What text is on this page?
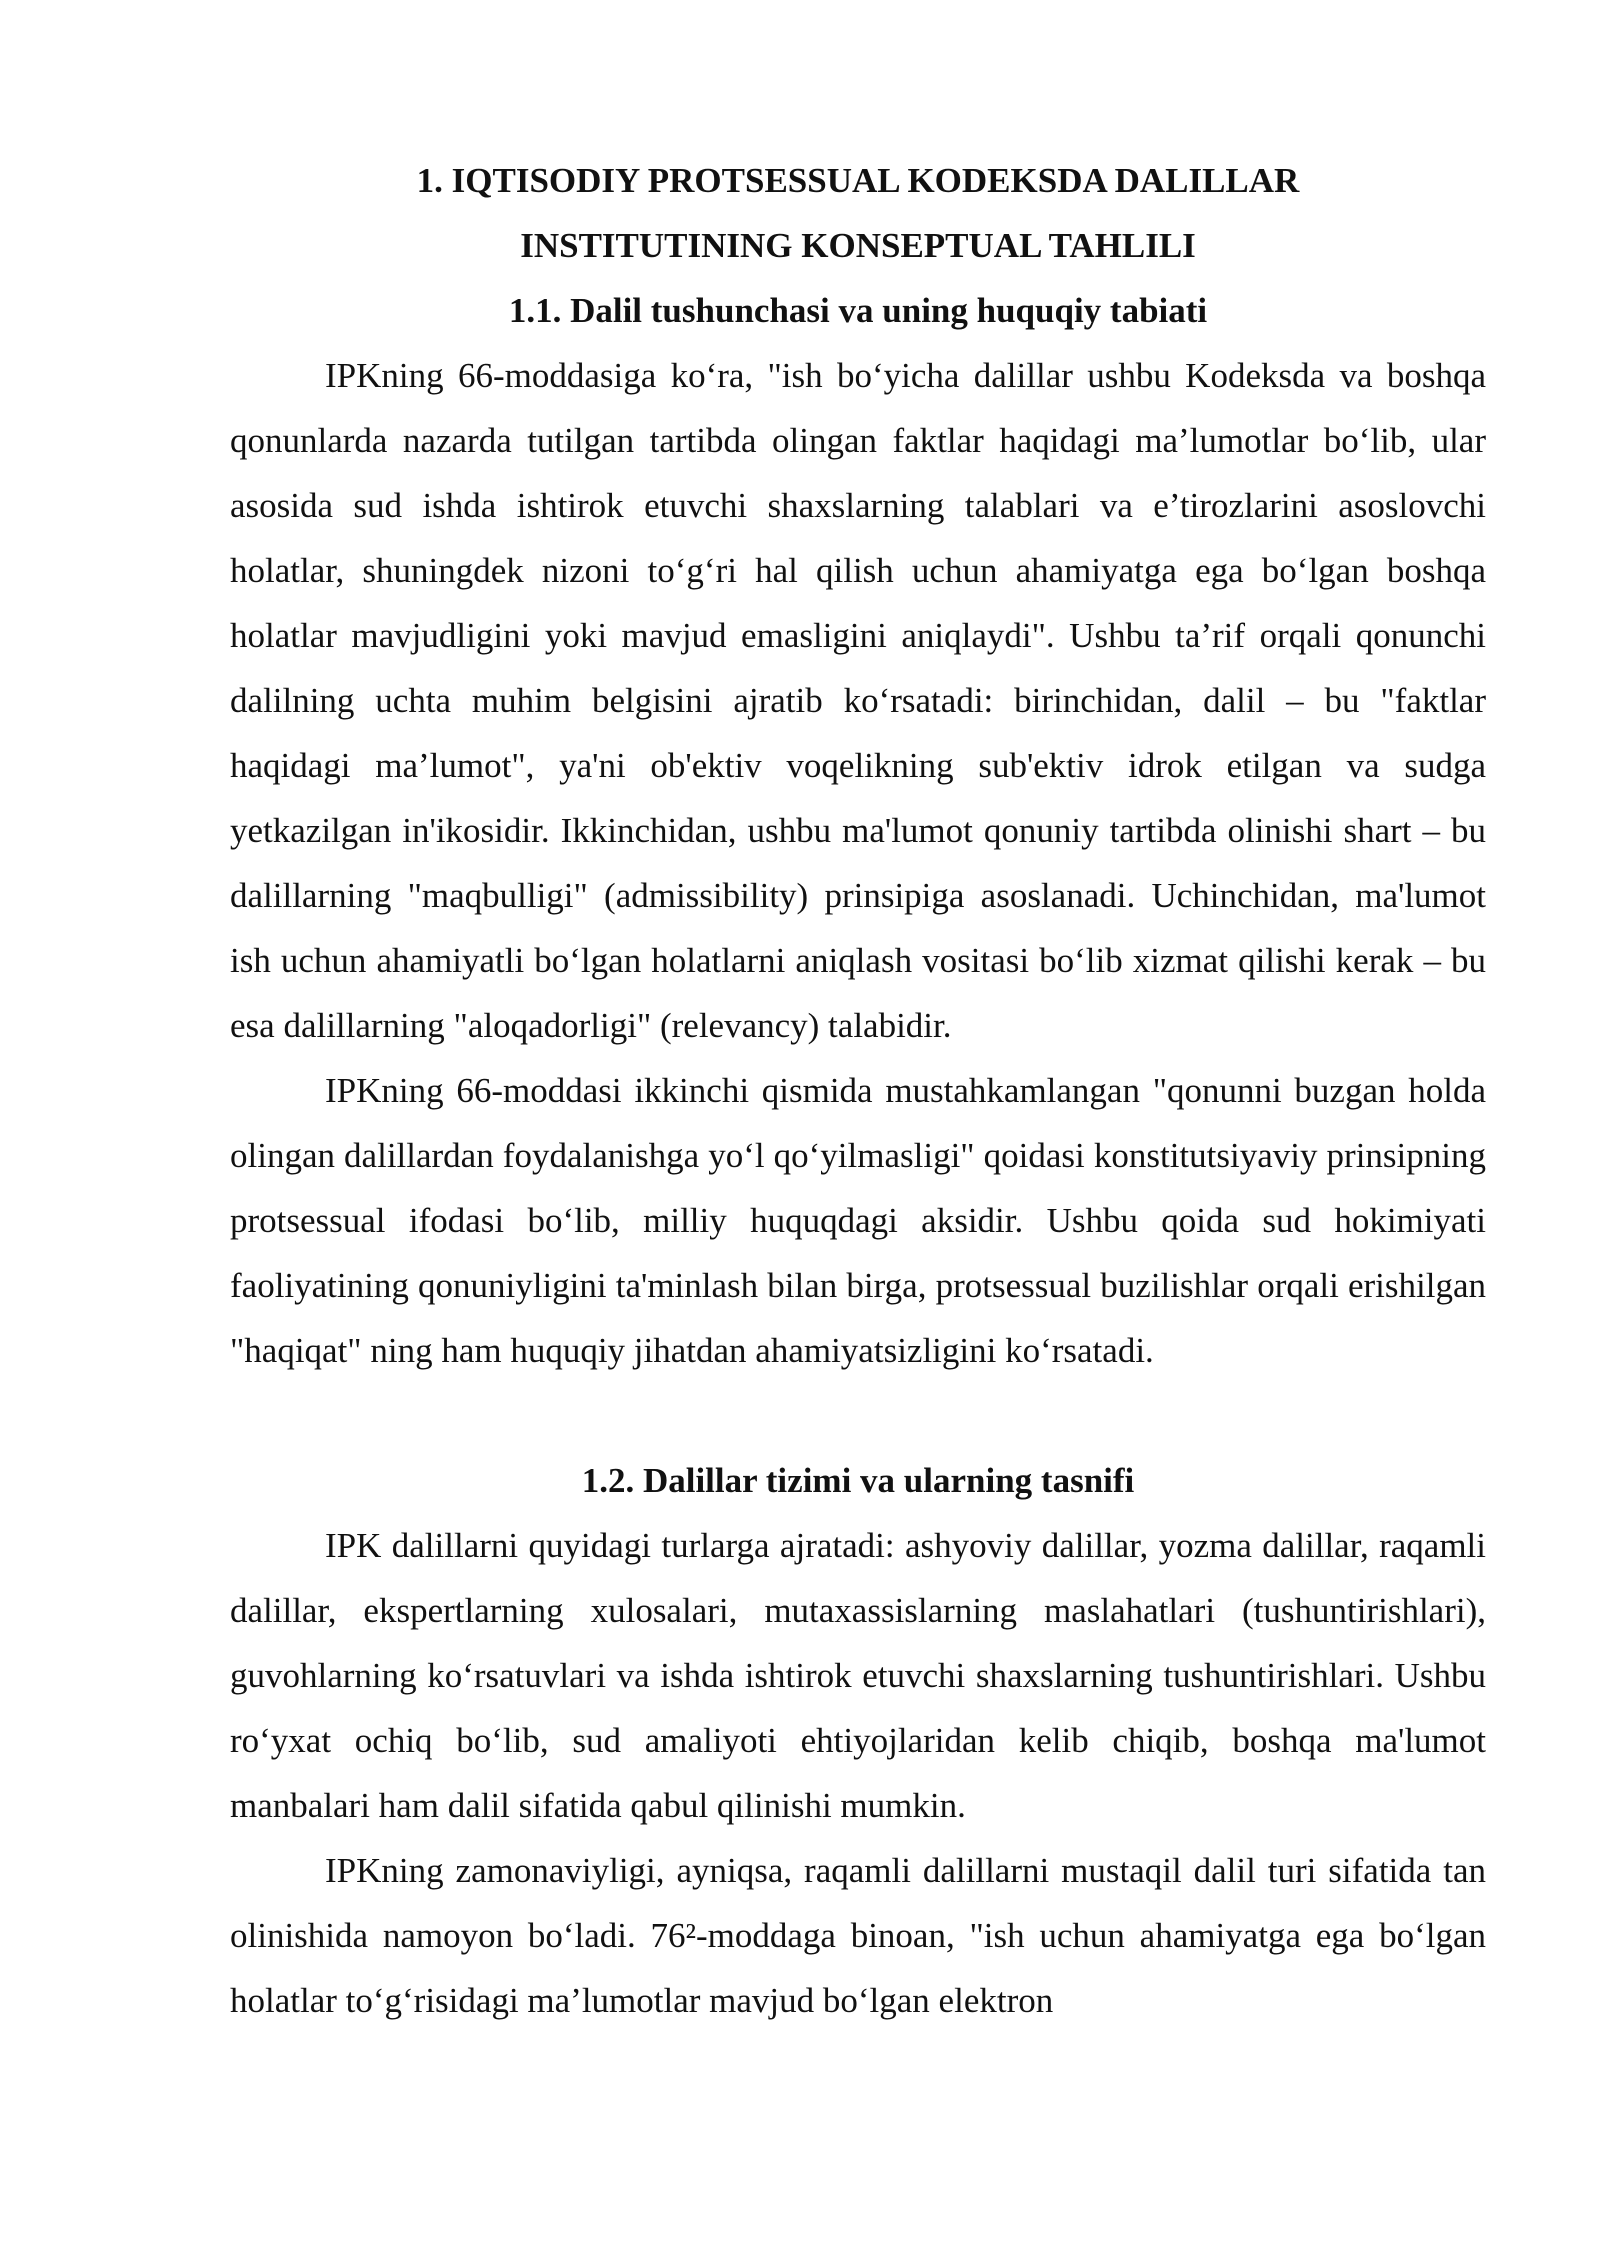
1. IQTISODIY PROTSESSUAL KODEKSDA DALILLAR INSTITUTINING KONSEPTUAL TAHLILI
1.1. Dalil tushunchasi va uning huquqiy tabiati

IPKning 66-moddasiga ko‘ra, "ish bo‘yicha dalillar ushbu Kodeksda va boshqa qonunlarda nazarda tutilgan tartibda olingan faktlar haqidagi ma’lumotlar bo‘lib, ular asosida sud ishda ishtirok etuvchi shaxslarning talablari va e’tirozlarini asoslovchi holatlar, shuningdek nizoni to‘g‘ri hal qilish uchun ahamiyatga ega bo‘lgan boshqa holatlar mavjudligini yoki mavjud emasligini aniqlaydi". Ushbu ta’rif orqali qonunchi dalilning uchta muhim belgisini ajratib ko‘rsatadi: birinchidan, dalil – bu "faktlar haqidagi ma’lumot", ya'ni ob'ektiv voqelikning sub'ektiv idrok etilgan va sudga yetkazilgan in'ikosidir. Ikkinchidan, ushbu ma'lumot qonuniy tartibda olinishi shart – bu dalillarning "maqbulligi" (admissibility) prinsipiga asoslanadi. Uchinchidan, ma'lumot ish uchun ahamiyatli bo‘lgan holatlarni aniqlash vositasi bo‘lib xizmat qilishi kerak – bu esa dalillarning "aloqadorligi" (relevancy) talabidir.

IPKning 66-moddasi ikkinchi qismida mustahkamlangan "qonunni buzgan holda olingan dalillardan foydalanishga yo‘l qo‘yilmasligi" qoidasi konstitutsiyaviy prinsipning protsessual ifodasi bo‘lib, milliy huquqdagi aksidir. Ushbu qoida sud hokimiyati faoliyatining qonuniyligini ta'minlash bilan birga, protsessual buzilishlar orqali erishilgan "haqiqat" ning ham huquqiy jihatdan ahamiyatsizligini ko‘rsatadi.

1.2. Dalillar tizimi va ularning tasnifi

IPK dalillarni quyidagi turlarga ajratadi: ashyoviy dalillar, yozma dalillar, raqamli dalillar, ekspertlarning xulosalari, mutaxassislarning maslahatlari (tushuntirishlari), guvohlarning ko‘rsatuvlari va ishda ishtirok etuvchi shaxslarning tushuntirishlari. Ushbu ro‘yxat ochiq bo‘lib, sud amaliyoti ehtiyojlaridan kelib chiqib, boshqa ma'lumot manbalari ham dalil sifatida qabul qilinishi mumkin.

IPKning zamonaviyligi, ayniqsa, raqamli dalillarni mustaqil dalil turi sifatida tan olinishida namoyon bo‘ladi. 76²-moddaga binoan, "ish uchun ahamiyatga ega bo‘lgan holatlar to‘g‘risidagi ma’lumotlar mavjud bo‘lgan elektron
